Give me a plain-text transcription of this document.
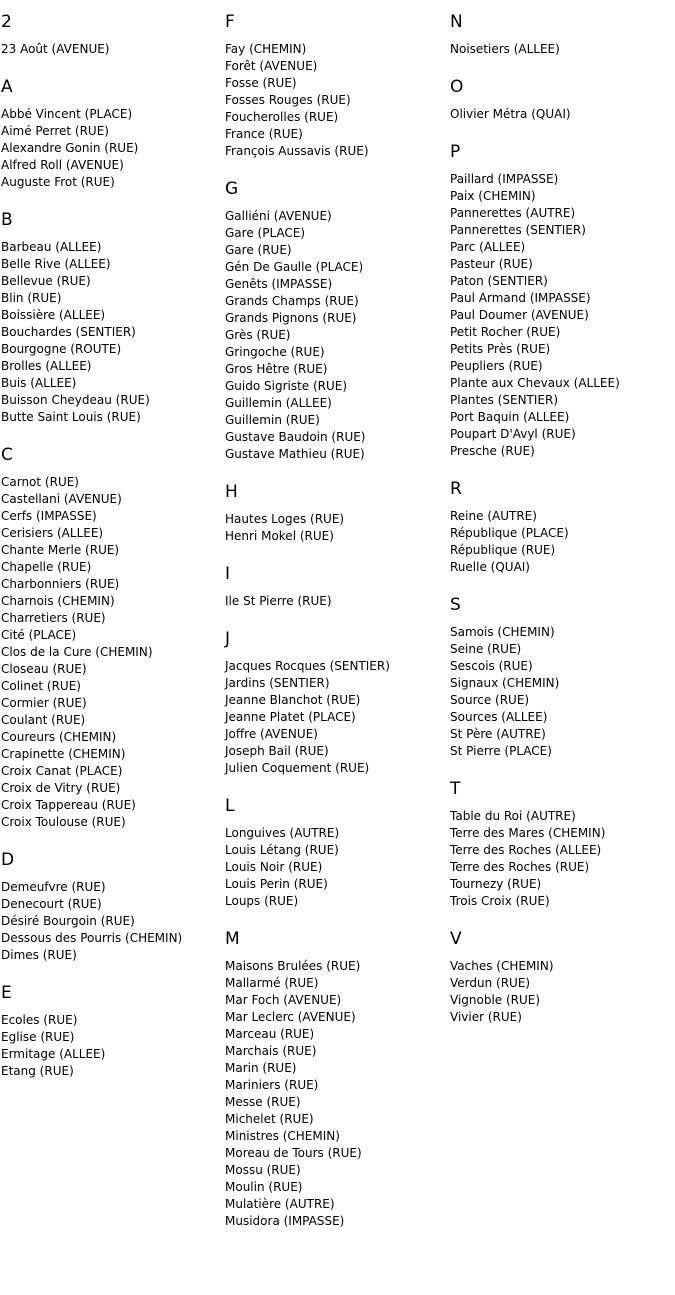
2
23 Août (AVENUE)
A
Abbé Vincent (PLACE)
Aimé Perret (RUE)
Alexandre Gonin (RUE)
Alfred Roll (AVENUE)
Auguste Frot (RUE)
B
Barbeau (ALLEE)
Belle Rive (ALLEE)
Bellevue (RUE)
Blin (RUE)
Boissière (ALLEE)
Bouchardes (SENTIER)
Bourgogne (ROUTE)
Brolles (ALLEE)
Buis (ALLEE)
Buisson Cheydeau (RUE)
Butte Saint Louis (RUE)
C
Carnot (RUE)
Castellani (AVENUE)
Cerfs (IMPASSE)
Cerisiers (ALLEE)
Chante Merle (RUE)
Chapelle (RUE)
Charbonniers (RUE)
Charnois (CHEMIN)
Charretiers (RUE)
Cité (PLACE)
Clos de la Cure (CHEMIN)
Closeau (RUE)
Colinet (RUE)
Cormier (RUE)
Coulant (RUE)
Coureurs (CHEMIN)
Crapinette (CHEMIN)
Croix Canat (PLACE)
Croix de Vitry (RUE)
Croix Tappereau (RUE)
Croix Toulouse (RUE)
D
Demeufvre (RUE)
Denecourt (RUE)
Désiré Bourgoin (RUE)
Dessous des Pourris (CHEMIN)
Dimes (RUE)
E
Ecoles (RUE)
Eglise (RUE)
Ermitage (ALLEE)
Etang (RUE)
F
Fay (CHEMIN)
Forêt (AVENUE)
Fosse (RUE)
Fosses Rouges (RUE)
Foucherolles (RUE)
France (RUE)
François Aussavis (RUE)
G
Galliéni (AVENUE)
Gare (PLACE)
Gare (RUE)
Gén De Gaulle (PLACE)
Genêts (IMPASSE)
Grands Champs (RUE)
Grands Pignons (RUE)
Grès (RUE)
Gringoche (RUE)
Gros Hêtre (RUE)
Guido Sigriste (RUE)
Guillemin (ALLEE)
Guillemin (RUE)
Gustave Baudoin (RUE)
Gustave Mathieu (RUE)
H
Hautes Loges (RUE)
Henri Mokel (RUE)
I
Ile St Pierre (RUE)
J
Jacques Rocques (SENTIER)
Jardins (SENTIER)
Jeanne Blanchot (RUE)
Jeanne Platet (PLACE)
Joffre (AVENUE)
Joseph Bail (RUE)
Julien Coquement (RUE)
L
Longuives (AUTRE)
Louis Létang (RUE)
Louis Noir (RUE)
Louis Perin (RUE)
Loups (RUE)
M
Maisons Brulées (RUE)
Mallarmé (RUE)
Mar Foch (AVENUE)
Mar Leclerc (AVENUE)
Marceau (RUE)
Marchais (RUE)
Marin (RUE)
Mariniers (RUE)
Messe (RUE)
Michelet (RUE)
Ministres (CHEMIN)
Moreau de Tours (RUE)
Mossu (RUE)
Moulin (RUE)
Mulatière (AUTRE)
Musidora (IMPASSE)
N
Noisetiers (ALLEE)
O
Olivier Métra (QUAI)
P
Paillard (IMPASSE)
Paix (CHEMIN)
Pannerettes (AUTRE)
Pannerettes (SENTIER)
Parc (ALLEE)
Pasteur (RUE)
Paton (SENTIER)
Paul Armand (IMPASSE)
Paul Doumer (AVENUE)
Petit Rocher (RUE)
Petits Près (RUE)
Peupliers (RUE)
Plante aux Chevaux (ALLEE)
Plantes (SENTIER)
Port Baquin (ALLEE)
Poupart D'Avyl (RUE)
Presche (RUE)
R
Reine (AUTRE)
République (PLACE)
République (RUE)
Ruelle (QUAI)
S
Samois (CHEMIN)
Seine (RUE)
Sescois (RUE)
Signaux (CHEMIN)
Source (RUE)
Sources (ALLEE)
St Père (AUTRE)
St Pierre (PLACE)
T
Table du Roi (AUTRE)
Terre des Mares (CHEMIN)
Terre des Roches (ALLEE)
Terre des Roches (RUE)
Tournezy (RUE)
Trois Croix (RUE)
V
Vaches (CHEMIN)
Verdun (RUE)
Vignoble (RUE)
Vivier (RUE)
